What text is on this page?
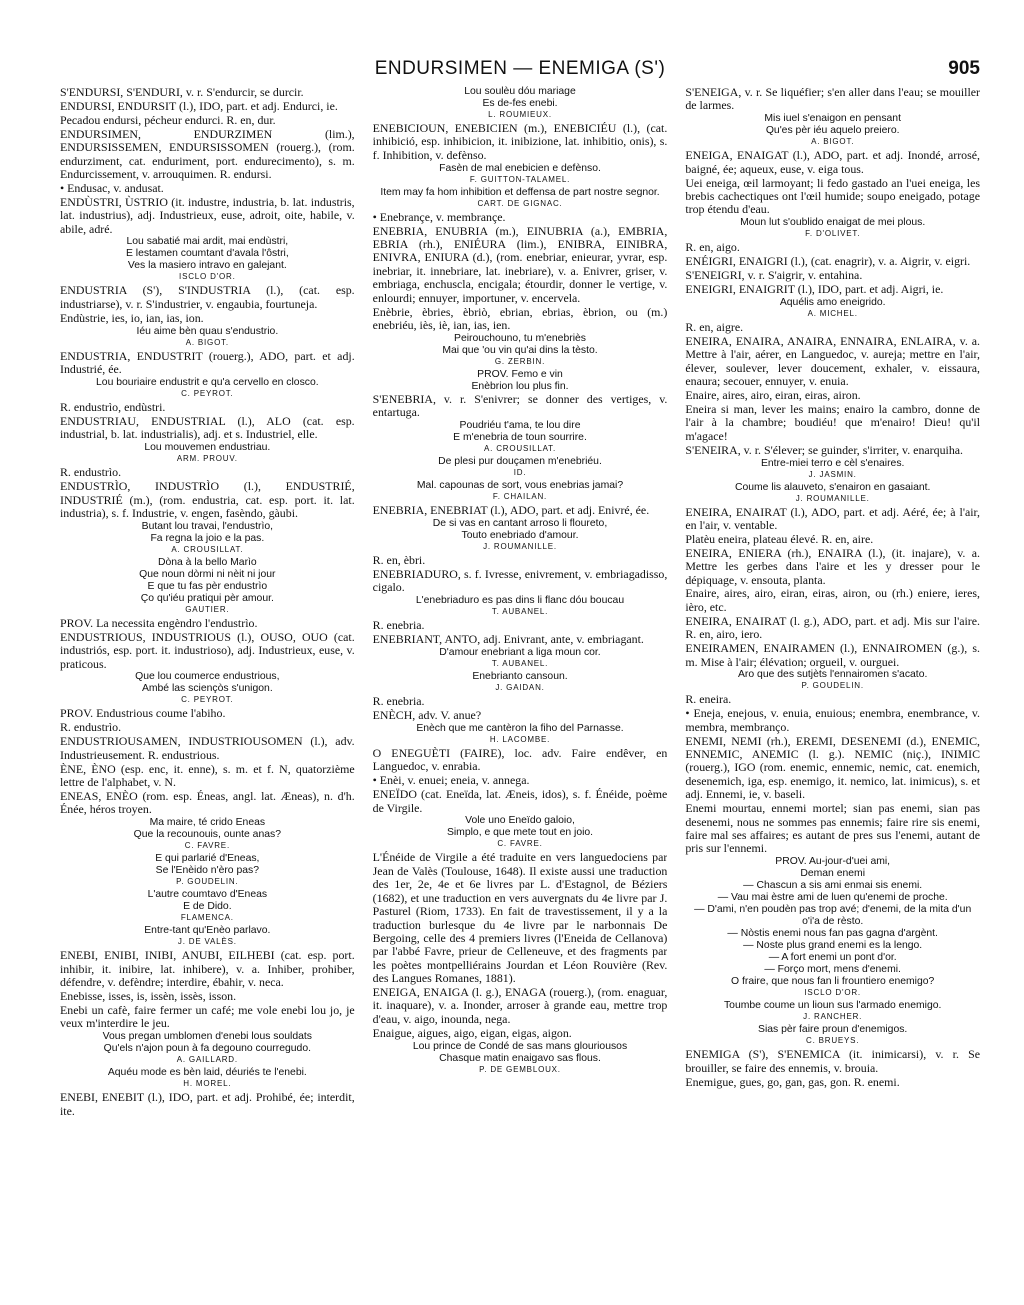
ENDURSIMEN — ENEMIGA (S')	905

S'ENDURSI, S'ENDURI, v. r. S'endurcir, se durcir.

ENDURSI, ENDURSIT (l.), IDO, part. et adj. Endurci, ie.

Pecadou endursi, pécheur endurci. R. en, dur.

ENDURSIMEN, ENDURZIMEN (lim.), ENDURSISSEMEN, ENDURSISSOMEN (rouerg.), (rom. endurziment, cat. enduriment, port. endurecimento), s. m. Endurcissement, v. arrouquimen. R. endursi.

• Endusac, v. andusat.

ENDÙSTRI, ÙSTRIO (it. industre, industria, b. lat. industris, lat. industrius), adj. Industrieux, euse, adroit, oite, habile, v. abile, adré.

Lou sabatié mai ardit, mai endùstri,

E lestamen coumtant d'avala l'ôstri,

Ves la masiero intravo en galejant.

ISCLO D'OR.

ENDUSTRIA (S'), S'INDUSTRIA (l.), (cat. esp. industriarse), v. r. S'industrier, v. engaubia, fourtuneja.

Endùstrie, ies, io, ian, ias, ion.

Iéu aime bèn quau s'endustrio.

A. BIGOT.

ENDUSTRIA, ENDUSTRIT (rouerg.), ADO, part. et adj. Industrié, ée.

Lou bouriaire endustrit e qu'a cervello en closco.

C. PEYROT.

R. endustrìo, endùstri.

ENDUSTRIAU, ENDUSTRIAL (l.), ALO (cat. esp. industrial, b. lat. industrialis), adj. et s. Industriel, elle.

Lou mouvemen endustriau.

ARM. PROUV.

R. endustrìo.

ENDUSTRÌO, INDUSTRÌO (l.), ENDUSTRIÉ, INDUSTRIÉ (m.), (rom. endustria, cat. esp. port. it. lat. industria), s. f. Industrie, v. engen, fasèndo, gàubi.

Butant lou travai, l'endustrìo,

Fa regna la joio e la pas.

A. CROUSILLAT.

Dòna à la bello Marìo

Que noun dòrmi ni nèit ni jour

E que tu fas pèr endustrìo

Ço qu'iéu pratiqui pèr amour.

GAUTIER.

PROV. La necessita engèndro l'endustrìo.

ENDUSTRIOUS, INDUSTRIOUS (l.), OUSO, OUO (cat. industriós, esp. port. it. industrioso), adj. Industrieux, euse, v. praticous.

Que lou coumerce endustrious,

Ambé las sciençòs s'unigon.

C. PEYROT.

PROV. Endustrious coume l'abiho.

R. endustrìo.

ENDUSTRIOUSAMEN, INDUSTRIOUSOMEN (l.), adv. Industrieusement. R. endustrious.

ÈNE, ÈNO (esp. enc, it. enne), s. m. et f. N, quatorzième lettre de l'alphabet, v. N.

ENEAS, ENÈO (rom. esp. Éneas, angl. lat. Æneas), n. d'h. Énée, héros troyen.

Ma maire, té crido Eneas

Que la recounouis, ounte anas?

C. FAVRE.

E qui parlarié d'Eneas,

Se l'Enèido n'èro pas?

P. GOUDELIN.

L'autre coumtavo d'Eneas

E de Dido.

FLAMENCA.

Entre-tant qu'Enèo parlavo.

J. DE VALÈS.

ENEBI, ENIBI, INIBI, ANUBI, EILHEBI (cat. esp. port. inhibir, it. inibire, lat. inhibere), v. a. Inhiber, prohiber, défendre, v. defèndre; interdire, ébahir, v. neca.

Enebisse, isses, is, issèn, issès, isson.

Enebi un cafè, faire fermer un café; me vole enebi lou jo, je veux m'interdire le jeu.

Vous pregan umblomen d'enebi lous souldats

Qu'els n'ajon poun à fa degouno courregudo.

A. GAILLARD.

Aquéu mode es bèn laid, déuriés te l'enebi.

H. MOREL.

ENEBI, ENEBIT (l.), IDO, part. et adj. Prohibé, ée; interdit, ite.

Lou soulèu dóu mariage

Es de-fes enebi.

L. ROUMIEUX.

ENEBICIOUN, ENEBICIEN (m.), ENEBICIÉU (l.), (cat. inhibició, esp. inhibicion, it. inibizione, lat. inhibitio, onis), s. f. Inhibition, v. defènso.

Fasèn de mal enebicien e defènso.

F. GUITTON-TALAMEL.

Item may fa hom inhibition et deffensa de part nostre segnor.

CART. DE GIGNAC.

• Enebrançe, v. membrançe.

ENEBRIA, ENUBRIA (m.), EINUBRIA (a.), EMBRIA, EBRIA (rh.), ENIÉURA (lim.), ENIBRA, EINIBRA, ENIVRA, ENIURA (d.), (rom. enebriar, enieurar, yvrar, esp. inebriar, it. innebriare, lat. inebriare), v. a. Enivrer, griser, v. embriaga, enchuscla, encigala; étourdir, donner le vertige, v. enlourdi; ennuyer, importuner, v. encervela.

Enèbrie, èbries, èbriò, ebrian, ebrias, èbrion, ou (m.) enebriéu, iès, iè, ian, ias, ien.

Peirouchouno, tu m'enebriès

Mai que 'ou vin qu'ai dins la tèsto.

G. ZERBIN.

PROV. Femo e vin

Enèbrion lou plus fin.

S'ENEBRIA, v. r. S'enivrer; se donner des vertiges, v. entartuga.

Poudriéu t'ama, te lou dire

E m'enebria de toun sourrire.

A. CROUSILLAT.

De plesi pur douçamen m'enebriéu.

ID.

Mal. capounas de sort, vous enebrias jamai?

F. CHAILAN.

ENEBRIA, ENEBRIAT (l.), ADO, part. et adj. Enivré, ée.

De si vas en cantant arroso li floureto,

Touto enebriado d'amour.

J. ROUMANILLE.

R. en, èbri.

ENEBRIADURO, s. f. Ivresse, enivrement, v. embriagadisso, cigalo.

L'enebriaduro es pas dins li flanc dóu boucau

T. AUBANEL.

R. enebria.

ENEBRIANT, ANTO, adj. Enivrant, ante, v. embriagant.

D'amour enebriant a liga moun cor.

T. AUBANEL.

Enebrianto cansoun.

J. GAIDAN.

R. enebria.

ENÈCH, adv. V. anue?

Enèch que me cantèron la fiho del Parnasse.

H. LACOMBE.

O ENEGUÈTI (FAIRE), loc. adv. Faire endêver, en Languedoc, v. enrabia.

• Enèi, v. enuei; eneia, v. annega.

ENEÏDO (cat. Eneïda, lat. Æneis, idos), s. f. Énéide, poème de Virgile.

Vole uno Eneïdo galoio,

Simplo, e que mete tout en joio.

C. FAVRE.

L'Énéide de Virgile a été traduite en vers languedociens par Jean de Valès (Toulouse, 1648). Il existe aussi une traduction des 1er, 2e, 4e et 6e livres par L. d'Estagnol, de Béziers (1682), et une traduction en vers auvergnats du 4e livre par J. Pasturel (Riom, 1733). En fait de travestissement, il y a la traduction burlesque du 4e livre par le narbonnais De Bergoing, celle des 4 premiers livres (l'Eneida de Cellanova) par l'abbé Favre, prieur de Celleneuve, et des fragments par les poètes montpelliérains Jourdan et Léon Rouvière (Rev. des Langues Romanes, 1881).

ENEIGA, ENAIGA (l. g.), ENAGA (rouerg.), (rom. enaguar, it. inaquare), v. a. Inonder, arroser à grande eau, mettre trop d'eau, v. aigo, inounda, nega.

Enaigue, aigues, aigo, eigan, eigas, aigon.

Lou prince de Condé de sas mans glouriousos

Chasque matin enaigavo sas flous.

P. DE GEMBLOUX.

S'ENEIGA, v. r. Se liquéfier; s'en aller dans l'eau; se mouiller de larmes.

Mis iuel s'enaigon en pensant

Qu'es pèr iéu aquelo preiero.

A. BIGOT.

ENEIGA, ENAIGAT (l.), ADO, part. et adj. Inondé, arrosé, baigné, ée; aqueux, euse, v. eiga tous.

Uei eneiga, œil larmoyant; li fedo gastado an l'uei eneiga, les brebis cachectiques ont l'œil humide; soupo eneigado, potage trop étendu d'eau.

Moun lut s'oublido enaigat de mei plous.

F. D'OLIVET.

R. en, aigo.

ENÉIGRI, ENAIGRI (l.), (cat. enagrir), v. a. Aigrir, v. eigri.

S'ENEIGRI, v. r. S'aigrir, v. entahina.

ENEIGRI, ENAIGRIT (l.), IDO, part. et adj. Aigri, ie.

Aquélis amo eneigrido.

A. MICHEL.

R. en, aigre.

ENEIRA, ENAIRA, ANAIRA, ENNAIRA, ENLAIRA, v. a. Mettre à l'air, aérer, en Languedoc, v. aureja; mettre en l'air, élever, soulever, lever doucement, exhaler, v. eissaura, enaura; secouer, ennuyer, v. enuia.

Enaire, aires, airo, eiran, eiras, airon.

Eneira si man, lever les mains; enairo la cambro, donne de l'air à la chambre; boudiéu! que m'enairo! Dieu! qu'il m'agace!

S'ENEIRA, v. r. S'élever; se guinder, s'irriter, v. enarquiha.

Entre-miei terro e cèl s'enaires.

J. JASMIN.

Coume lis alauveto, s'enairon en gasaiant.

J. ROUMANILLE.

ENEIRA, ENAIRAT (l.), ADO, part. et adj. Aéré, ée; à l'air, en l'air, v. ventable.

Platèu eneira, plateau élevé. R. en, aire.

ENEIRA, ENIERA (rh.), ENAIRA (l.), (it. inajare), v. a. Mettre les gerbes dans l'aire et les y dresser pour le dépiquage, v. ensouta, planta.

Enaire, aires, airo, eiran, eiras, airon, ou (rh.) eniere, ieres, ièro, etc.

ENEIRA, ENAIRAT (l. g.), ADO, part. et adj. Mis sur l'aire. R. en, airo, iero.

ENEIRAMEN, ENAIRAMEN (l.), ENNAIROMEN (g.), s. m. Mise à l'air; élévation; orgueil, v. ourguei.

Aro que des sutjèts l'ennairomen s'acato.

P. GOUDELIN.

R. eneira.

• Eneja, enejous, v. enuia, enuious; enembra, enembrance, v. membra, membranço.

ENEMI, NEMI (rh.), EREMI, DESENEMI (d.), ENEMIC, ENNEMIC, ANEMIC (l. g.). NEMIC (niç.), INIMIC (rouerg.), IGO (rom. enemic, ennemic, nemic, cat. enemich, desenemich, iga, esp. enemigo, it. nemico, lat. inimicus), s. et adj. Ennemi, ie, v. baseli.

Enemi mourtau, ennemi mortel; sian pas enemi, sian pas desenemi, nous ne sommes pas ennemis; faire rire sis enemi, faire mal ses affaires; es autant de pres sus l'enemi, autant de pris sur l'ennemi.

PROV. Au-jour-d'uei ami,

Deman enemi

— Chascun a sis ami enmai sis enemi.

— Vau mai èstre ami de luen qu'enemi de proche.

— D'ami, n'en poudèn pas trop avé; d'enemi, de la mita d'un o'i'a de rèsto.

— Nòstis enemi nous fan pas gagna d'argènt.

— Noste plus grand enemi es la lengo.

— A fort enemi un pont d'or.

— Forço mort, mens d'enemi.

O fraire, que nous fan li frountiero enemigo?

ISCLO D'OR.

Toumbe coume un lioun sus l'armado enemigo.

J. RANCHER.

Sias pèr faire proun d'enemigos.

C. BRUEYS.

ENEMIGA (S'), S'ENEMICA (it. inimicarsi), v. r. Se brouiller, se faire des ennemis, v. brouia.

Enemigue, gues, go, gan, gas, gon. R. enemi.
